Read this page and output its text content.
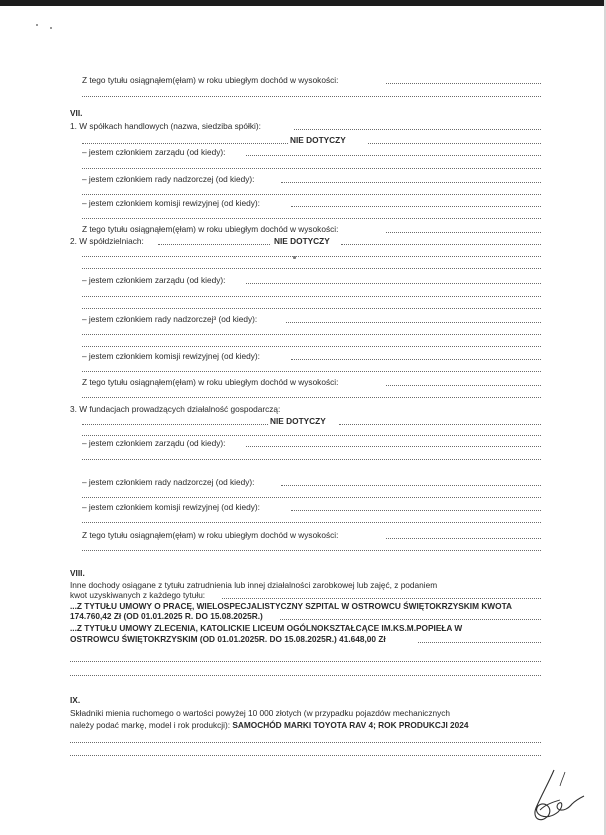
Z tego tytułu osiągnąłem(ęłam) w roku ubiegłym dochód w wysokości:
VII.
1. W spółkach handlowych (nazwa, siedziba spółki):
NIE DOTYCZY
– jestem członkiem zarządu (od kiedy):
– jestem członkiem rady nadzorczej (od kiedy):
– jestem członkiem komisji rewizyjnej (od kiedy):
Z tego tytułu osiągnąłem(ęłam) w roku ubiegłym dochód w wysokości:
2. W spółdzielniach:	NIE DOTYCZY
– jestem członkiem zarządu (od kiedy):
– jestem członkiem rady nadzorczej³ (od kiedy):
– jestem członkiem komisji rewizyjnej (od kiedy):
Z tego tytułu osiągnąłem(ęłam) w roku ubiegłym dochód w wysokości:
3. W fundacjach prowadzących działalność gospodarczą:
NIE DOTYCZY
– jestem członkiem zarządu (od kiedy):
– jestem członkiem rady nadzorczej (od kiedy):
– jestem członkiem komisji rewizyjnej (od kiedy):
Z tego tytułu osiągnąłem(ęłam) w roku ubiegłym dochód w wysokości:
VIII.
Inne dochody osiągane z tytułu zatrudnienia lub innej działalności zarobkowej lub zajęć, z podaniem
kwot uzyskiwanych z każdego tytułu:
...Z TYTUŁU UMOWY O PRACĘ, WIELOSPECJALISTYCZNY SZPITAL W OSTROWCU ŚWIĘTOKRZYSKIM KWOTA
174.760,42 Zł (OD 01.01.2025 R. DO 15.08.2025R.)
...Z TYTUŁU UMOWY ZLECENIA, KATOLICKIE LICEUM OGÓLNOKSZTAŁCĄCE IM.KS.M.POPIEŁA W
OSTROWCU ŚWIĘTOKRZYSKIM (OD 01.01.2025R. DO 15.08.2025R.) 41.648,00 Zł
IX.
Składniki mienia ruchomego o wartości powyżej 10 000 złotych (w przypadku pojazdów mechanicznych
należy podać markę, model i rok produkcji): SAMOCHÓD MARKI TOYOTA RAV 4; ROK PRODUKCJI 2024
